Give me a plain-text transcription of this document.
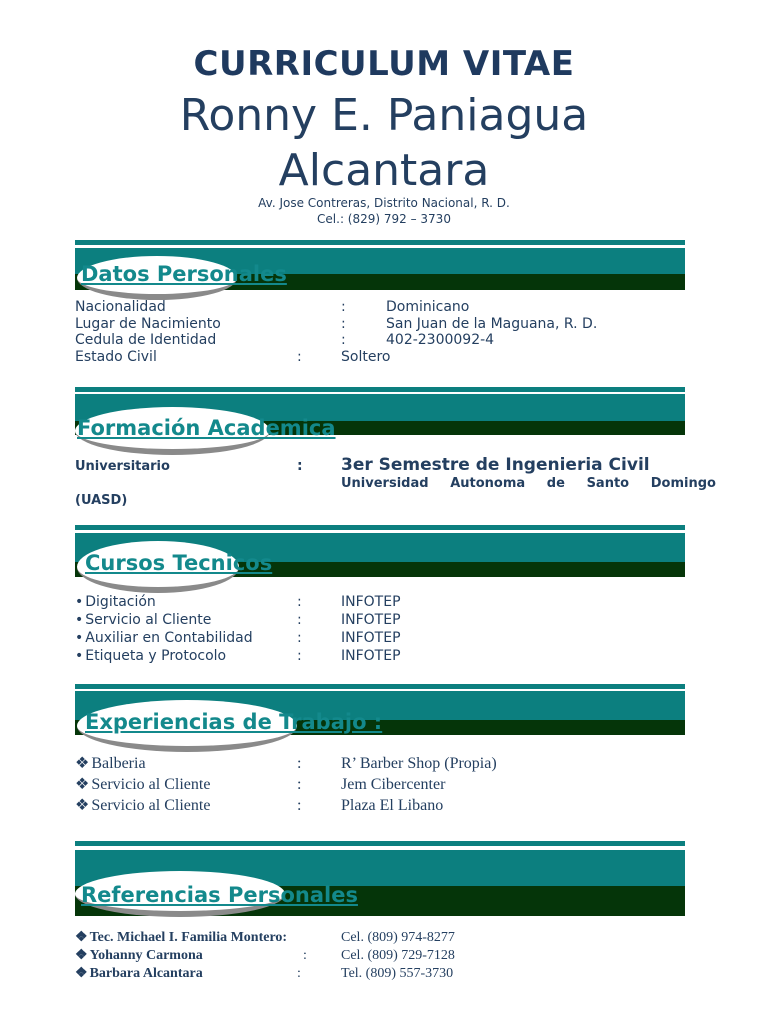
CURRICULUM VITAE
Ronny E. Paniagua
Alcantara
Av. Jose Contreras, Distrito Nacional, R. D.
Cel.: (829) 792 – 3730
Datos Personales
Nacionalidad	:	Dominicano
Lugar de Nacimiento	:	San Juan de la Maguana, R. D.
Cedula de Identidad	:	402-2300092-4
Estado Civil	:	Soltero
Formación Academica
Universitario	: 3er Semestre de Ingenieria Civil
Universidad Autonoma de Santo Domingo
(UASD)
Cursos Tecnicos
• Digitación	:	INFOTEP
• Servicio al Cliente	:	INFOTEP
• Auxiliar en Contabilidad	:	INFOTEP
• Etiqueta y Protocolo	:	INFOTEP
Experiencias de Trabajo :
❖ Balberia	: R’ Barber Shop (Propia)
❖ Servicio al Cliente	: Jem Cibercenter
❖ Servicio al Cliente	: Plaza El Libano
Referencias Personales
❖ Tec. Michael I. Familia Montero:	Cel. (809) 974-8277
❖ Yohanny Carmona	: Cel. (809) 729-7128
❖ Barbara Alcantara	:	Tel. (809) 557-3730
